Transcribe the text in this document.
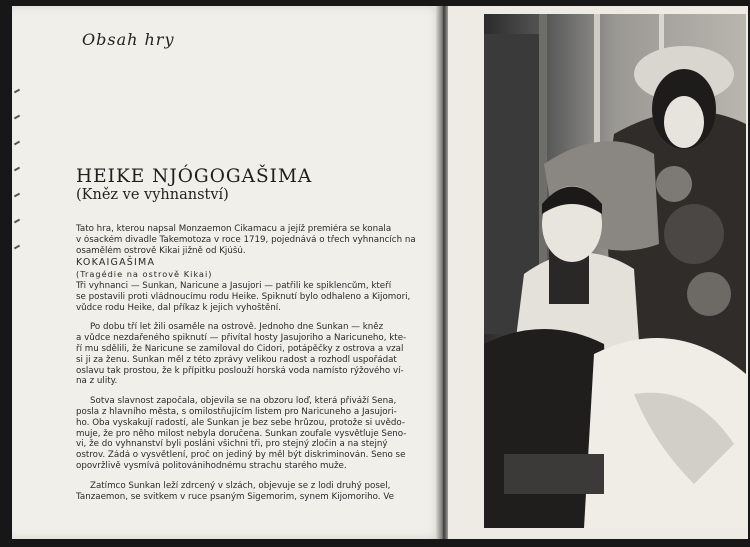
Obsah hry
HEIKE NJÓGOGAŠIMA
(Kněz ve vyhnanství)

Tato hra, kterou napsal Monzaemon Čikamacu a jejíž premiéra se konala
v ósackém divadle Takemotoza v roce 1719, pojednává o třech vyhnancích na
osamělém ostrově Kikai jižně od Kjúšú.

KOKAIGAŠIMA
(Tragédie na ostrově Kikai)

Tři vyhnanci — Šunkan, Naricune a Jasujori — patřili ke spiklencům, kteří
se postavili proti vládnoucímu rodu Heike. Spiknutí bylo odhaleno a Kijomori,
vůdce rodu Heike, dal příkaz k jejich vyhoštění.

Po dobu tří let žili osaměle na ostrově. Jednoho dne Šunkan — kněz
a vůdce nezdařeného spiknutí — přivítal hosty Jasujoriho a Naricuneho, kte-
ří mu sdělili, že Naricune se zamiloval do Čidori, potápěčky z ostrova a vzal
si ji za ženu. Šunkan měl z této zprávy velikou radost a rozhodl uspořádat
oslavu tak prostou, že k přípitku poslouží horská voda namísto rýžového ví-
na z ulity.

Sotva slavnost započala, objevila se na obzoru loď, která přiváží Sena,
posla z hlavního města, s omilostňujícím listem pro Naricuneho a Jasujori-
ho. Oba vyskakují radostí, ale Šunkan je bez sebe hrůzou, protože si uvědo-
muje, že pro něho milost nebyla doručena. Šunkan zoufale vysvětluje Seno-
vi, že do vyhnanství byli posláni všichni tři, pro stejný zločin a na stejný
ostrov. Žádá o vysvětlení, proč on jediný by měl být diskriminován. Seno se
opovržlivě vysmívá politovánihodnému strachu starého muže.

Zatímco Šunkan leží zdrcený v slzách, objevuje se z lodi druhý posel,
Tanzaemon, se svitkem v ruce psaným Šigemorim, synem Kijomoriho. Ve
